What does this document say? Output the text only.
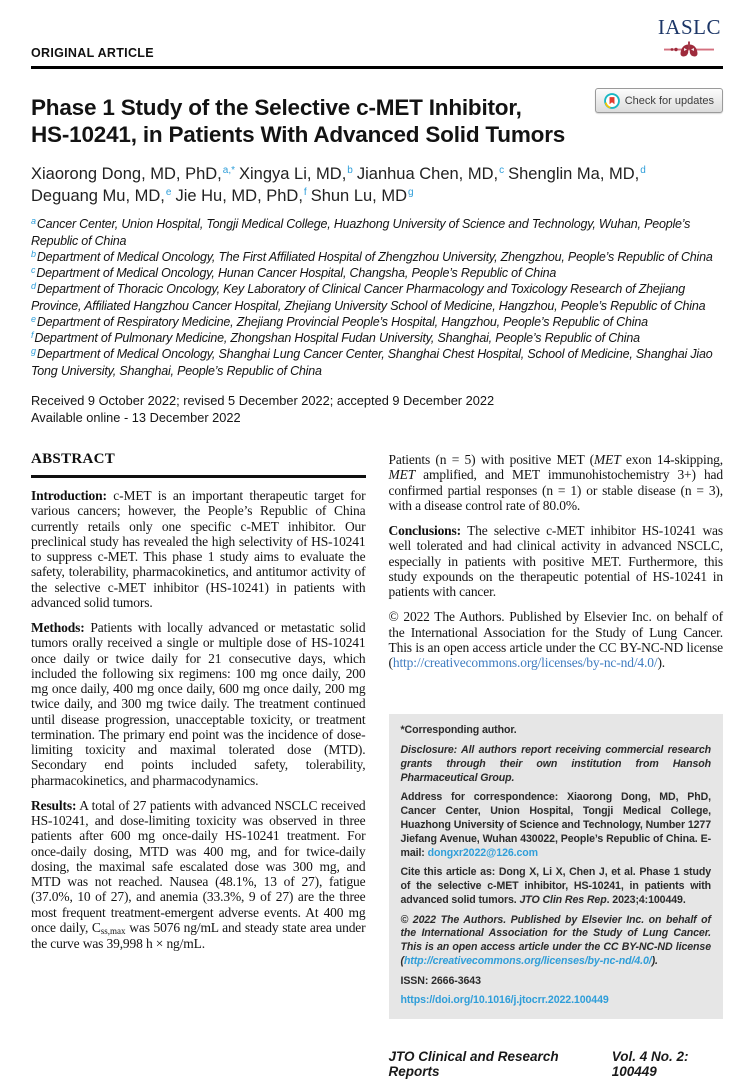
ORIGINAL ARTICLE
IASLC
Phase 1 Study of the Selective c-MET Inhibitor,
HS-10241, in Patients With Advanced Solid Tumors
Xiaorong Dong, MD, PhD,$^{a,*}$ Xingya Li, MD,$^b$ Jianhua Chen, MD,$^c$ Shenglin Ma, MD,$^d$
Deguang Mu, MD,$^e$ Jie Hu, MD, PhD,$^f$ Shun Lu, $MD^g$
$^a$Cancer Center, Union Hospital, Tongji Medical College, Huazhong University of Science and Technology, Wuhan, People’s Republic of China
$^b$Department of Medical Oncology, The First Affiliated Hospital of Zhengzhou University, Zhengzhou, People’s Republic of China
$^c$Department of Medical Oncology, Hunan Cancer Hospital, Changsha, People’s Republic of China
$^d$Department of Thoracic Oncology, Key Laboratory of Clinical Cancer Pharmacology and Toxicology Research of Zhejiang Province, Affiliated Hangzhou Cancer Hospital, Zhejiang University School of Medicine, Hangzhou, People’s Republic of China
$^e$Department of Respiratory Medicine, Zhejiang Provincial People’s Hospital, Hangzhou, People’s Republic of China
$^f$Department of Pulmonary Medicine, Zhongshan Hospital Fudan University, Shanghai, People’s Republic of China
$^g$Department of Medical Oncology, Shanghai Lung Cancer Center, Shanghai Chest Hospital, School of Medicine, Shanghai Jiao Tong University, Shanghai, People’s Republic of China
Received 9 October 2022; revised 5 December 2022; accepted 9 December 2022
Available online - 13 December 2022
ABSTRACT

Introduction: c-MET is an important therapeutic target for various cancers; however, the People’s Republic of China currently retails only one specific c-MET inhibitor. Our preclinical study has revealed the high selectivity of HS-10241 to suppress c-MET. This phase 1 study aims to evaluate the safety, tolerability, pharmacokinetics, and antitumor activity of the selective c-MET inhibitor (HS-10241) in patients with advanced solid tumors.

Methods: Patients with locally advanced or metastatic solid tumors orally received a single or multiple dose of HS-10241 once daily or twice daily for 21 consecutive days, which included the following six regimens: 100 mg once daily, 200 mg once daily, 400 mg once daily, 600 mg once daily, 200 mg twice daily, and 300 mg twice daily. The treatment continued until disease progression, unacceptable toxicity, or treatment termination. The primary end point was the incidence of dose-limiting toxicity and maximal tolerated dose (MTD). Secondary end points included safety, tolerability, pharmacokinetics, and pharmacodynamics.

Results: A total of 27 patients with advanced NSCLC received HS-10241, and dose-limiting toxicity was observed in three patients after 600 mg once-daily HS-10241 treatment. For once-daily dosing, MTD was 400 mg, and for twice-daily dosing, the maximal safe escalated dose was 300 mg, and MTD was not reached. Nausea (48.1%, 13 of 27), fatigue (37.0%, 10 of 27), and anemia (33.3%, 9 of 27) are the three most frequent treatment-emergent adverse events. At 400 mg once daily, $C_{ss,max}$ was 5076 ng/mL and steady state area under the curve was 39,998 h × ng/mL.

Patients (n = 5) with positive MET (MET exon 14-skipping, MET amplified, and MET immunohistochemistry 3+) had confirmed partial responses (n = 1) or stable disease (n = 3), with a disease control rate of 80.0%.

Conclusions: The selective c-MET inhibitor HS-10241 was well tolerated and had clinical activity in advanced NSCLC, especially in patients with positive MET. Furthermore, this study expounds on the therapeutic potential of HS-10241 in patients with cancer.

© 2022 The Authors. Published by Elsevier Inc. on behalf of the International Association for the Study of Lung Cancer. This is an open access article under the CC BY-NC-ND license (http://creativecommons.org/licenses/by-nc-nd/4.0/).

*Corresponding author.

Disclosure: All authors report receiving commercial research grants through their own institution from Hansoh Pharmaceutical Group.

Address for correspondence: Xiaorong Dong, MD, PhD, Cancer Center, Union Hospital, Tongji Medical College, Huazhong University of Science and Technology, Number 1277 Jiefang Avenue, Wuhan 430022, People’s Republic of China. E-mail: dongxr2022@126.com

Cite this article as: Dong X, Li X, Chen J, et al. Phase 1 study of the selective c-MET inhibitor, HS-10241, in patients with advanced solid tumors. JTO Clin Res Rep. 2023;4:100449.

© 2022 The Authors. Published by Elsevier Inc. on behalf of the International Association for the Study of Lung Cancer. This is an open access article under the CC BY-NC-ND license (http://creativecommons.org/licenses/by-nc-nd/4.0/).

ISSN: 2666-3643

https://doi.org/10.1016/j.jtocrr.2022.100449

JTO Clinical and Research Reports
Vol. 4 No. 2: 100449
Check for updates
